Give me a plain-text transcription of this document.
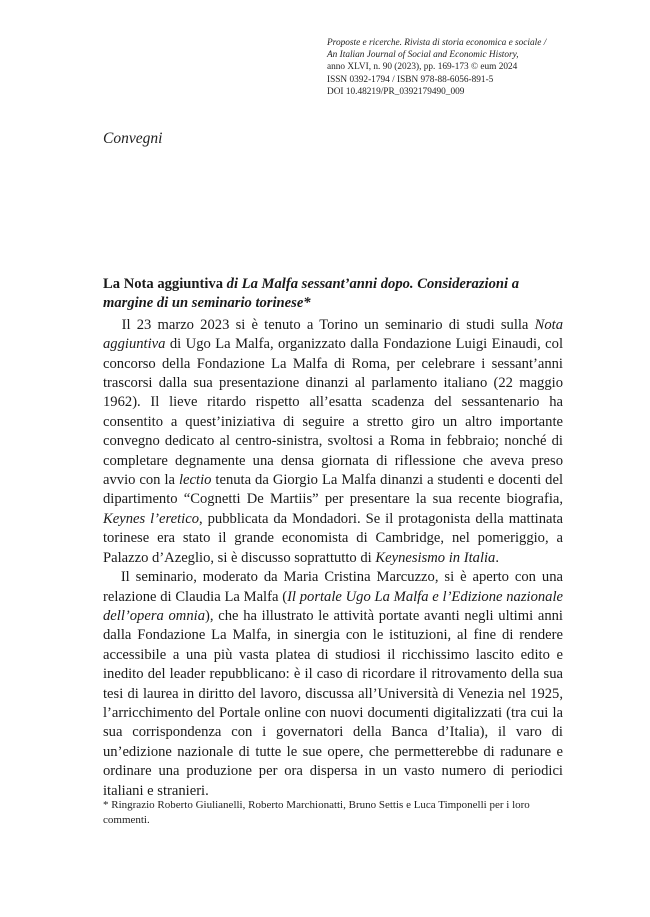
Proposte e ricerche. Rivista di storia economica e sociale /
An Italian Journal of Social and Economic History,
anno XLVI, n. 90 (2023), pp. 169-173 © eum 2024
ISSN 0392-1794 / ISBN 978-88-6056-891-5
DOI 10.48219/PR_0392179490_009
Convegni
La Nota aggiuntiva di La Malfa sessant’anni dopo. Considerazioni a margine di un seminario torinese*

Il 23 marzo 2023 si è tenuto a Torino un seminario di studi sulla Nota aggiuntiva di Ugo La Malfa, organizzato dalla Fondazione Luigi Einaudi, col concorso della Fondazione La Malfa di Roma, per celebrare i sessant’anni trascorsi dalla sua presentazione dinanzi al parlamento italiano (22 maggio 1962). Il lieve ritardo rispetto all’esatta scadenza del sessantenario ha consentito a quest’iniziativa di seguire a stretto giro un altro importante convegno dedicato al centro-sinistra, svoltosi a Roma in febbraio; nonché di completare degnamente una densa giornata di riflessione che aveva preso avvio con la lectio tenuta da Giorgio La Malfa dinanzi a studenti e docenti del dipartimento “Cognetti De Martiis” per presentare la sua recente biografia, Keynes l’eretico, pubblicata da Mondadori. Se il protagonista della mattinata torinese era stato il grande economista di Cambridge, nel pomeriggio, a Palazzo d’Azeglio, si è discusso soprattutto di Keynesismo in Italia.

Il seminario, moderato da Maria Cristina Marcuzzo, si è aperto con una relazione di Claudia La Malfa (Il portale Ugo La Malfa e l’Edizione nazionale dell’opera omnia), che ha illustrato le attività portate avanti negli ultimi anni dalla Fondazione La Malfa, in sinergia con le istituzioni, al fine di rendere accessibile a una più vasta platea di studiosi il ricchissimo lascito edito e inedito del leader repubblicano: è il caso di ricordare il ritrovamento della sua tesi di laurea in diritto del lavoro, discussa all’Università di Venezia nel 1925, l’arricchimento del Portale online con nuovi documenti digitalizzati (tra cui la sua corrispondenza con i governatori della Banca d’Italia), il varo di un’edizione nazionale di tutte le sue opere, che permetterebbe di radunare e ordinare una produzione per ora dispersa in un vasto numero di periodici italiani e stranieri.

* Ringrazio Roberto Giulianelli, Roberto Marchionatti, Bruno Settis e Luca Timponelli per i loro commenti.
